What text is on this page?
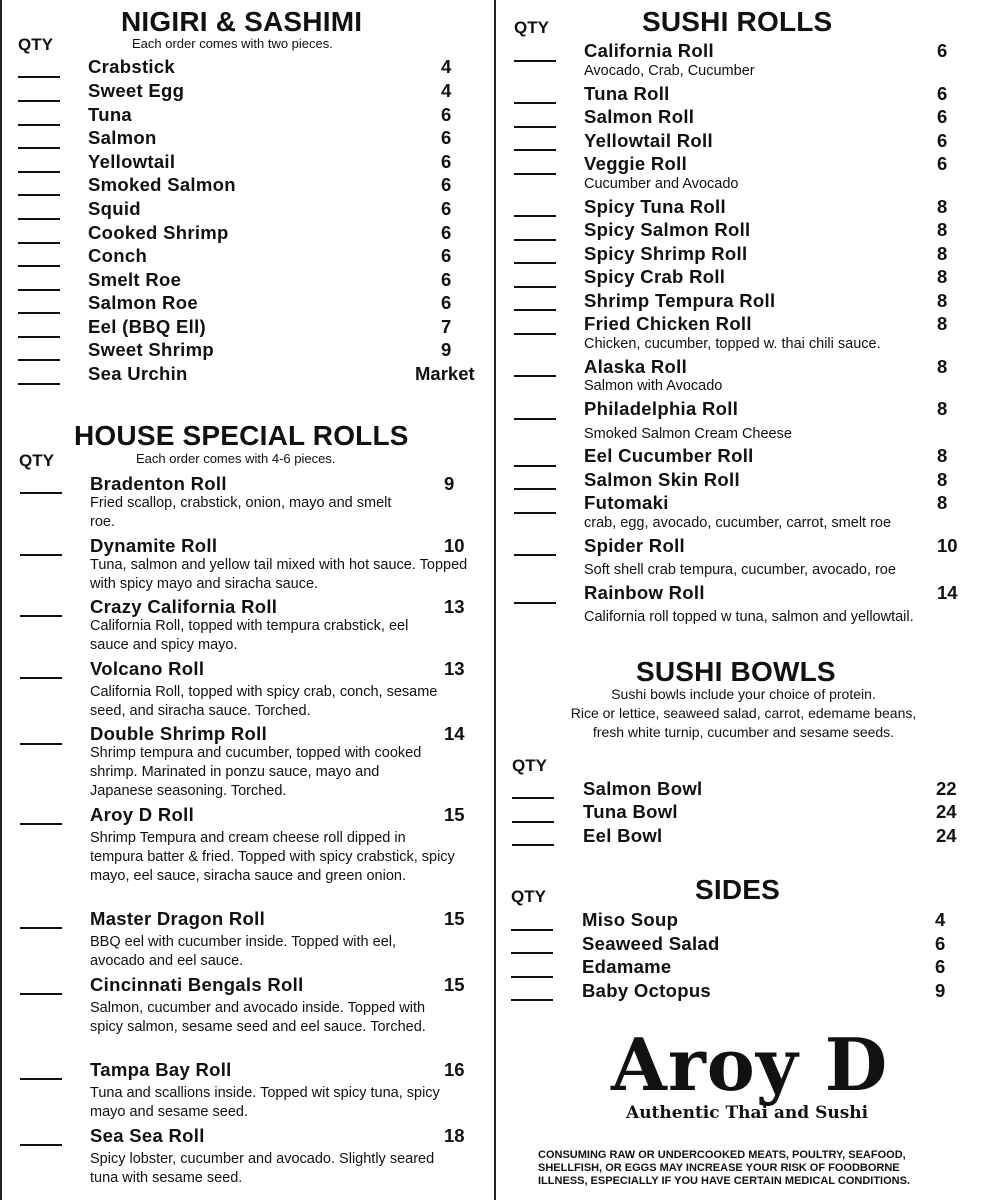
NIGIRI & SASHIMI
QTY	Each order comes with two pieces.
Crabstick	4
Sweet Egg	4
Tuna	6
Salmon	6
Yellowtail	6
Smoked Salmon	6
Squid	6
Cooked Shrimp	6
Conch	6
Smelt Roe	6
Salmon Roe	6
Eel (BBQ Ell)	7
Sweet Shrimp	9
Sea Urchin	Market
HOUSE SPECIAL ROLLS
QTY	Each order comes with 4-6 pieces.
Bradenton Roll	9
Fried scallop, crabstick, onion, mayo and smelt roe.
Dynamite Roll	10
Tuna, salmon and yellow tail mixed with hot sauce. Topped with spicy mayo and siracha sauce.
Crazy California Roll	13
California Roll, topped with tempura crabstick, eel sauce and spicy mayo.
Volcano Roll	13
California Roll, topped with spicy crab, conch, sesame seed, and siracha sauce. Torched.
Double Shrimp Roll	14
Shrimp tempura and cucumber, topped with cooked shrimp. Marinated in ponzu sauce, mayo and Japanese seasoning. Torched.
Aroy D Roll	15
Shrimp Tempura and cream cheese roll dipped in tempura batter & fried. Topped with spicy crabstick, spicy mayo, eel sauce, siracha sauce and green onion.
Master Dragon Roll	15
BBQ eel with cucumber inside. Topped with eel, avocado and eel sauce.
Cincinnati Bengals Roll	15
Salmon, cucumber and avocado inside. Topped with spicy salmon, sesame seed and eel sauce. Torched.
Tampa Bay Roll	16
Tuna and scallions inside. Topped wit spicy tuna, spicy mayo and sesame seed.
Sea Sea Roll	18
Spicy lobster, cucumber and avocado. Slightly seared tuna with sesame seed.
QTY	SUSHI ROLLS
California Roll	6
Avocado, Crab, Cucumber
Tuna Roll	6
Salmon Roll	6
Yellowtail Roll	6
Veggie Roll	6
Cucumber and Avocado
Spicy Tuna Roll	8
Spicy Salmon Roll	8
Spicy Shrimp Roll	8
Spicy Crab Roll	8
Shrimp Tempura Roll	8
Fried Chicken Roll	8
Chicken, cucumber, topped w. thai chili sauce.
Alaska Roll	8
Salmon with Avocado
Philadelphia Roll	8
Smoked Salmon Cream Cheese
Eel Cucumber Roll	8
Salmon Skin Roll	8
Futomaki	8
crab, egg, avocado, cucumber, carrot, smelt roe
Spider Roll	10
Soft shell crab tempura, cucumber, avocado, roe
Rainbow Roll	14
California roll topped w tuna, salmon and yellowtail.
SUSHI BOWLS
Sushi bowls include your choice of protein.
Rice or lettice, seaweed salad, carrot, edemame beans,
fresh white turnip, cucumber and sesame seeds.
QTY
Salmon Bowl	22
Tuna Bowl	24
Eel Bowl	24
SIDES
QTY
Miso Soup	4
Seaweed Salad	6
Edamame	6
Baby Octopus	9
Aroy D
Authentic Thai and Sushi
CONSUMING RAW OR UNDERCOOKED MEATS, POULTRY, SEAFOOD, SHELLFISH, OR EGGS MAY INCREASE YOUR RISK OF FOODBORNE ILLNESS, ESPECIALLY IF YOU HAVE CERTAIN MEDICAL CONDITIONS.
